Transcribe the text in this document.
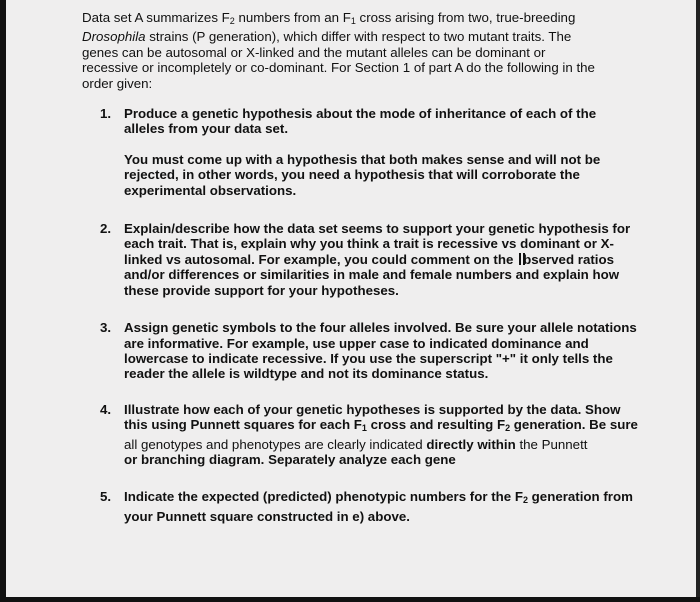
Data set A summarizes $F_2$ numbers from an $F_1$ cross arising from two, true-breeding
Drosophila strains (P generation), which differ with respect to two mutant traits. The
genes can be autosomal or X-linked and the mutant alleles can be dominant or
recessive or incompletely or co-dominant. For Section 1 of part A do the following in the
order given:

1. Produce a genetic hypothesis about the mode of inheritance of each of the
alleles from your data set.

You must come up with a hypothesis that both makes sense and will not be
rejected, in other words, you need a hypothesis that will corroborate the
experimental observations.

2. Explain/describe how the data set seems to support your genetic hypothesis for
each trait. That is, explain why you think a trait is recessive vs dominant or X-
linked vs autosomal. For example, you could comment on the bserved ratios
and/or differences or similarities in male and female numbers and explain how
these provide support for your hypotheses.
3. Assign genetic symbols to the four alleles involved. Be sure your allele notations
are informative. For example, use upper case to indicated dominance and
lowercase to indicate recessive. If you use the superscript "+" it only tells the
reader the allele is wildtype and not its dominance status.
4. Illustrate how each of your genetic hypotheses is supported by the data. Show
this using Punnett squares for each $F_1$ cross and resulting $F_2$ generation. Be sure
all genotypes and phenotypes are clearly indicated directly within the Punnett
or branching diagram. Separately analyze each gene
5. Indicate the expected (predicted) phenotypic numbers for the $F_2$ generation from
your Punnett square constructed in e) above.
